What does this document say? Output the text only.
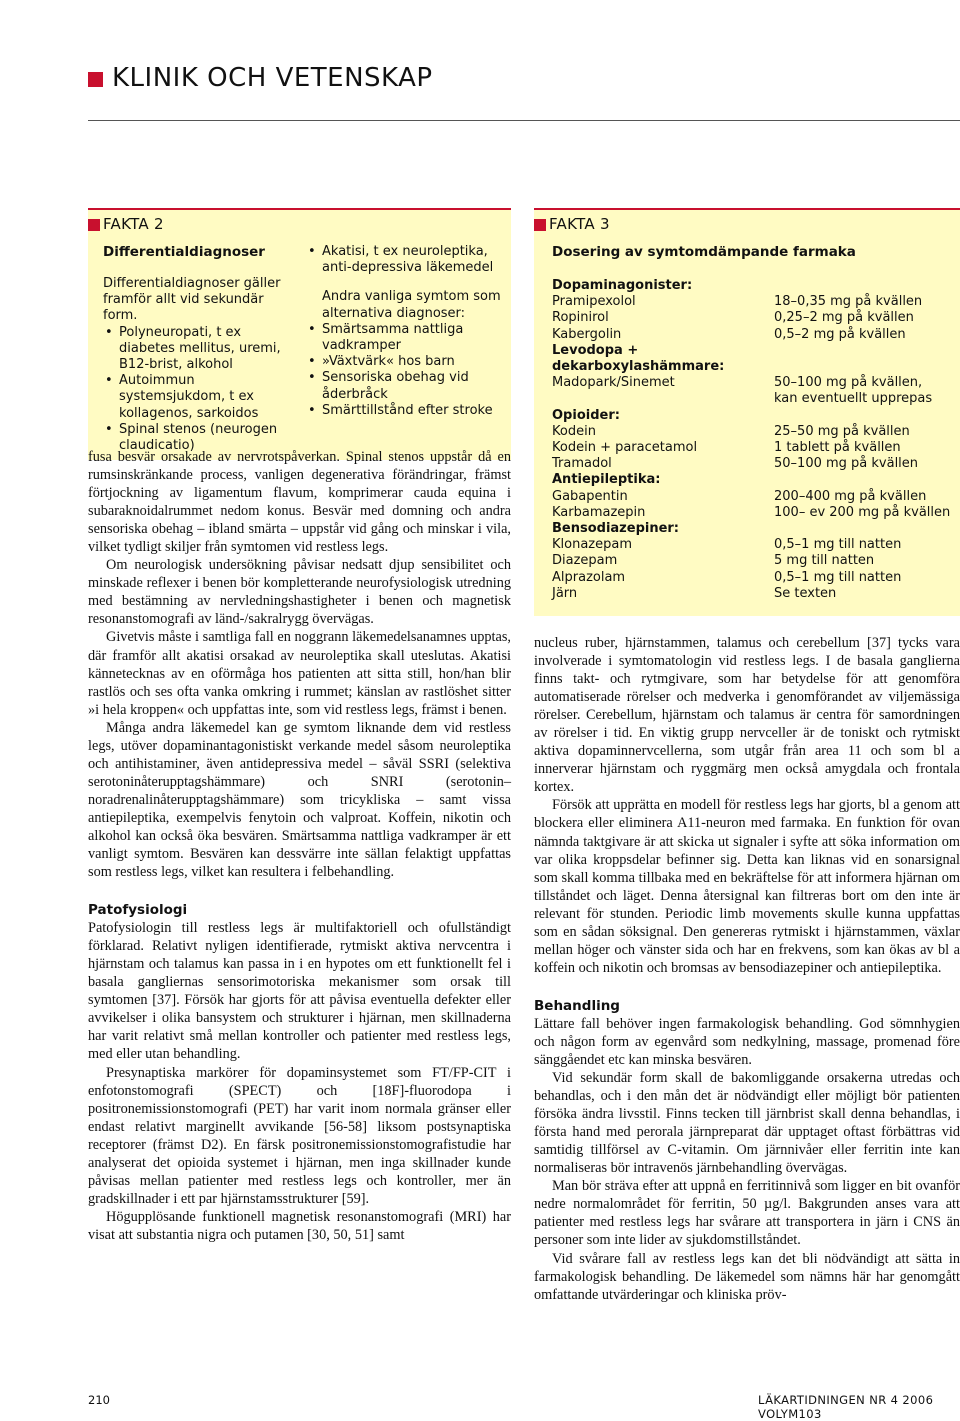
KLINIK OCH VETENSKAP
FAKTA 2
Differentialdiagnoser

Differentialdiagnoser gäller framför allt vid sekundär form.

• Polyneuropati, t ex diabetes mellitus, uremi, B12-brist, alkohol
• Autoimmun systemsjukdom, t ex kollagenos, sarkoidos
• Spinal stenos (neurogen claudicatio)
• Akatisi, t ex neuroleptika, anti-depressiva läkemedel

Andra vanliga symtom som alternativa diagnoser:

• Smärtsamma nattliga vadkramper
• »Växtvärk« hos barn
• Sensoriska obehag vid åderbråck
• Smärttillstånd efter stroke
FAKTA 3
Dosering av symtomdämpande farmaka
Dopaminagonister:
Pramipexolol	18–0,35 mg på kvällen
Ropinirol	0,25–2 mg på kvällen
Kabergolin	0,5–2 mg på kvällen
Levodopa +
dekarboxylashämmare:
Madopark/Sinemet	50–100 mg på kvällen,
kan eventuellt upprepas
Opioider:
Kodein	25–50 mg på kvällen
Kodein + paracetamol	1 tablett på kvällen
Tramadol	50–100 mg på kvällen
Antiepileptika:
Gabapentin	200–400 mg på kvällen
Karbamazepin	100– ev 200 mg på kvällen
Bensodiazepiner:
Klonazepam	0,5–1 mg till natten
Diazepam	5 mg till natten
Alprazolam	0,5–1 mg till natten
Järn	Se texten

fusa besvär orsakade av nervrotspåverkan. Spinal stenos uppstår då en rumsinskränkande process, vanligen degenerativa förändringar, främst förtjockning av ligamentum flavum, komprimerar cauda equina i subaraknoidalrummet nedom konus. Besvär med domning och andra sensoriska obehag – ibland smärta – uppstår vid gång och minskar i vila, vilket tydligt skiljer från symtomen vid restless legs.

Om neurologisk undersökning påvisar nedsatt djup sensibilitet och minskade reflexer i benen bör kompletterande neurofysiologisk utredning med bestämning av nervledningshastigheter i benen och magnetisk resonanstomografi av länd-/sakralrygg övervägas.

Givetvis måste i samtliga fall en noggrann läkemedelsanamnes upptas, där framför allt akatisi orsakad av neuroleptika skall uteslutas. Akatisi kännetecknas av en oförmåga hos patienten att sitta still, hon/han blir rastlös och ses ofta vanka omkring i rummet; känslan av rastlöshet sitter »i hela kroppen« och uppfattas inte, som vid restless legs, främst i benen.

Många andra läkemedel kan ge symtom liknande dem vid restless legs, utöver dopaminantagonistiskt verkande medel såsom neuroleptika och antihistaminer, även antidepressiva medel – såväl SSRI (selektiva serotoninåterupptagshämmare) och SNRI (serotonin–noradrenalinåterupptagshämmare) som tricykliska – samt vissa antiepileptika, exempelvis fenytoin och valproat. Koffein, nikotin och alkohol kan också öka besvären. Smärtsamma nattliga vadkramper är ett vanligt symtom. Besvären kan dessvärre inte sällan felaktigt uppfattas som restless legs, vilket kan resultera i felbehandling.

Patofysiologi

Patofysiologin till restless legs är multifaktoriell och ofullständigt förklarad. Relativt nyligen identifierade, rytmiskt aktiva nervcentra i hjärnstam och talamus kan passa in i en hypotes om ett funktionellt fel i basala gangliernas sensorimotoriska mekanismer som orsak till symtomen [37]. Försök har gjorts för att påvisa eventuella defekter eller avvikelser i olika bansystem och strukturer i hjärnan, men skillnaderna har varit relativt små mellan kontroller och patienter med restless legs, med eller utan behandling.

Presynaptiska markörer för dopaminsystemet som FT/FP-CIT i enfotonstomografi (SPECT) och [18F]-fluorodopa i positronemissionstomografi (PET) har varit inom normala gränser eller endast relativt marginellt avvikande [56-58] liksom postsynaptiska receptorer (främst D2). En färsk positronemissionstomografistudie har analyserat det opioida systemet i hjärnan, men inga skillnader kunde påvisas mellan patienter med restless legs och kontroller, mer än gradskillnader i ett par hjärnstamsstrukturer [59].

Högupplösande funktionell magnetisk resonanstomografi (MRI) har visat att substantia nigra och putamen [30, 50, 51] samt

nucleus ruber, hjärnstammen, talamus och cerebellum [37] tycks vara involverade i symtomatologin vid restless legs. I de basala ganglierna finns takt- och rytmgivare, som har betydelse för att genomföra automatiserade rörelser och medverka i genomförandet av viljemässiga rörelser. Cerebellum, hjärnstam och talamus är centra för samordningen av rörelser i tid. En viktig grupp nervceller är de toniskt och rytmiskt aktiva dopaminnervcellerna, som utgår från area 11 och som bl a innerverar hjärnstam och ryggmärg men också amygdala och frontala kortex.

Försök att upprätta en modell för restless legs har gjorts, bl a genom att blockera eller eliminera A11-neuron med farmaka. En funktion för ovan nämnda taktgivare är att skicka ut signaler i syfte att söka information om var olika kroppsdelar befinner sig. Detta kan liknas vid en sonarsignal som skall komma tillbaka med en bekräftelse för att informera hjärnan om tillståndet och läget. Denna återsignal kan filtreras bort om den inte är relevant för stunden. Periodic limb movements skulle kunna uppfattas som en sådan söksignal. Den genereras rytmiskt i hjärnstammen, växlar mellan höger och vänster sida och har en frekvens, som kan ökas av bl a koffein och nikotin och bromsas av bensodiazepiner och antiepileptika.

Behandling

Lättare fall behöver ingen farmakologisk behandling. God sömnhygien och någon form av egenvård som nedkylning, massage, promenad före sänggåendet etc kan minska besvären.

Vid sekundär form skall de bakomliggande orsakerna utredas och behandlas, och i den mån det är nödvändigt eller möjligt bör patienten försöka ändra livsstil. Finns tecken till järnbrist skall denna behandlas, i första hand med perorala järnpreparat där upptaget oftast förbättras vid samtidig tillförsel av C-vitamin. Om järnnivåer eller ferritin inte kan normaliseras bör intravenös järnbehandling övervägas.

Man bör sträva efter att uppnå en ferritinnivå som ligger en bit ovanför nedre normalområdet för ferritin, 50 µg/l. Bakgrunden anses vara att patienter med restless legs har svårare att transportera in järn i CNS än personer som inte lider av sjukdomstillståndet.

Vid svårare fall av restless legs kan det bli nödvändigt att sätta in farmakologisk behandling. De läkemedel som nämns här har genomgått omfattande utvärderingar och kliniska pröv-

210	LÄKARTIDNINGEN NR 4 2006 VOLYM103
